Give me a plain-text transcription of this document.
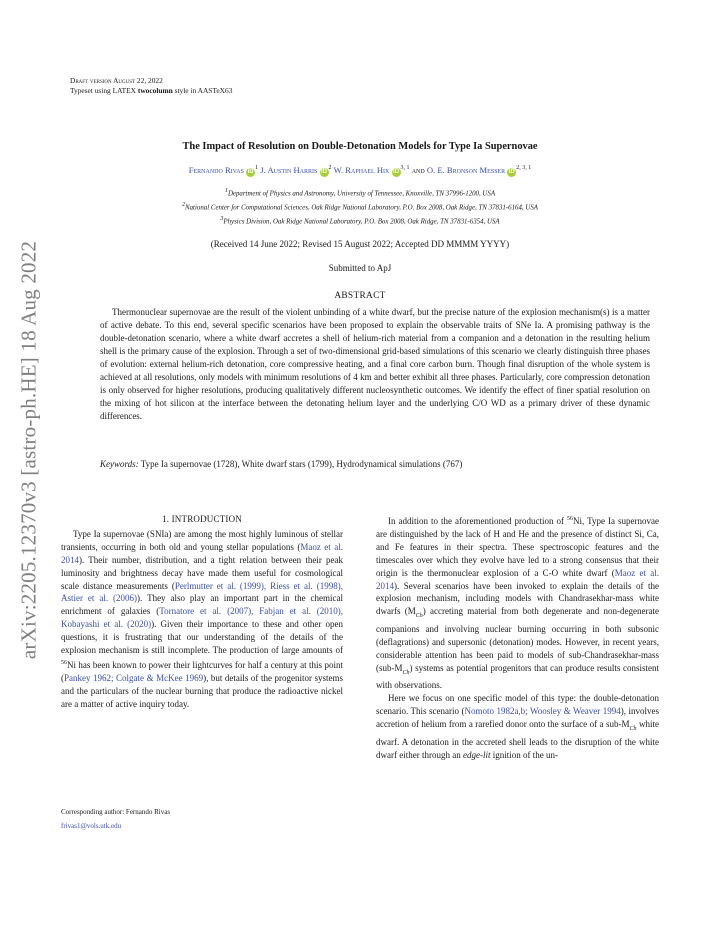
arXiv:2205.12370v3 [astro-ph.HE] 18 Aug 2022
Draft version August 22, 2022
Typeset using LATEX twocolumn style in AASTeX63
The Impact of Resolution on Double-Detonation Models for Type Ia Supernovae
Fernando Rivas $iD^1$ J. Austin Harris $iD^2$ W. Raphael Hix iD$^{3, 1}$ and O. E. Bronson Messer iD$^{2, 3, 1}$
$^1$Department of Physics and Astronomy, University of Tennessee, Knoxville, TN 37996-1200, USA
$^2$National Center for Computational Sciences, Oak Ridge National Laboratory, P.O. Box 2008, Oak Ridge, TN 37831-6164, USA
$^3$Physics Division, Oak Ridge National Laboratory, P.O. Box 2008, Oak Ridge, TN 37831-6354, USA
(Received 14 June 2022; Revised 15 August 2022; Accepted DD MMMM YYYY)
Submitted to ApJ
ABSTRACT
Thermonuclear supernovae are the result of the violent unbinding of a white dwarf, but the precise nature of the explosion mechanism(s) is a matter of active debate. To this end, several specific scenarios have been proposed to explain the observable traits of SNe Ia. A promising pathway is the double-detonation scenario, where a white dwarf accretes a shell of helium-rich material from a companion and a detonation in the resulting helium shell is the primary cause of the explosion. Through a set of two-dimensional grid-based simulations of this scenario we clearly distinguish three phases of evolution: external helium-rich detonation, core compressive heating, and a final core carbon burn. Though final disruption of the whole system is achieved at all resolutions, only models with minimum resolutions of 4 km and better exhibit all three phases. Particularly, core compression detonation is only observed for higher resolutions, producing qualitatively different nucleosynthetic outcomes. We identify the effect of finer spatial resolution on the mixing of hot silicon at the interface between the detonating helium layer and the underlying C/O WD as a primary driver of these dynamic differences.
Keywords: Type Ia supernovae (1728), White dwarf stars (1799), Hydrodynamical simulations (767)
1. INTRODUCTION

Type Ia supernovae (SNIa) are among the most highly luminous of stellar transients, occurring in both old and young stellar populations (Maoz et al. 2014). Their number, distribution, and a tight relation between their peak luminosity and brightness decay have made them useful for cosmological scale distance measurements (Perlmutter et al. (1999), Riess et al. (1998), Astier et al. (2006)). They also play an important part in the chemical enrichment of galaxies (Tornatore et al. (2007), Fabjan et al. (2010), Kobayashi et al. (2020)). Given their importance to these and other open questions, it is frustrating that our understanding of the details of the explosion mechanism is still incomplete. The production of large amounts of $^{56}$Ni has been known to power their lightcurves for half a century at this point (Pankey 1962; Colgate & McKee 1969), but details of the progenitor systems and the particulars of the nuclear burning that produce the radioactive nickel are a matter of active inquiry today.

In addition to the aforementioned production of $^{56}$Ni, Type Ia supernovae are distinguished by the lack of H and He and the presence of distinct Si, Ca, and Fe features in their spectra. These spectroscopic features and the timescales over which they evolve have led to a strong consensus that their origin is the thermonuclear explosion of a C-O white dwarf (Maoz et al. 2014). Several scenarios have been invoked to explain the details of the explosion mechanism, including models with Chandrasekhar-mass white dwarfs $(M_{Ch})$ accreting material from both degenerate and non-degenerate companions and involving nuclear burning occurring in both subsonic (deflagrations) and supersonic (detonation) modes. However, in recent years, considerable attention has been paid to models of sub-Chandrasekhar-mass $(sub-M_{Ch})$ systems as potential progenitors that can produce results consistent with observations.

Here we focus on one specific model of this type: the double-detonation scenario. This scenario (Nomoto 1982a,b; Woosley & Weaver 1994), involves accretion of helium from a rarefied donor onto the surface of a sub-$M_{Ch}$ white dwarf. A detonation in the accreted shell leads to the disruption of the white dwarf either through an edge-lit ignition of the un-

Corresponding author: Fernando Rivas
frivas1@vols.utk.edu
